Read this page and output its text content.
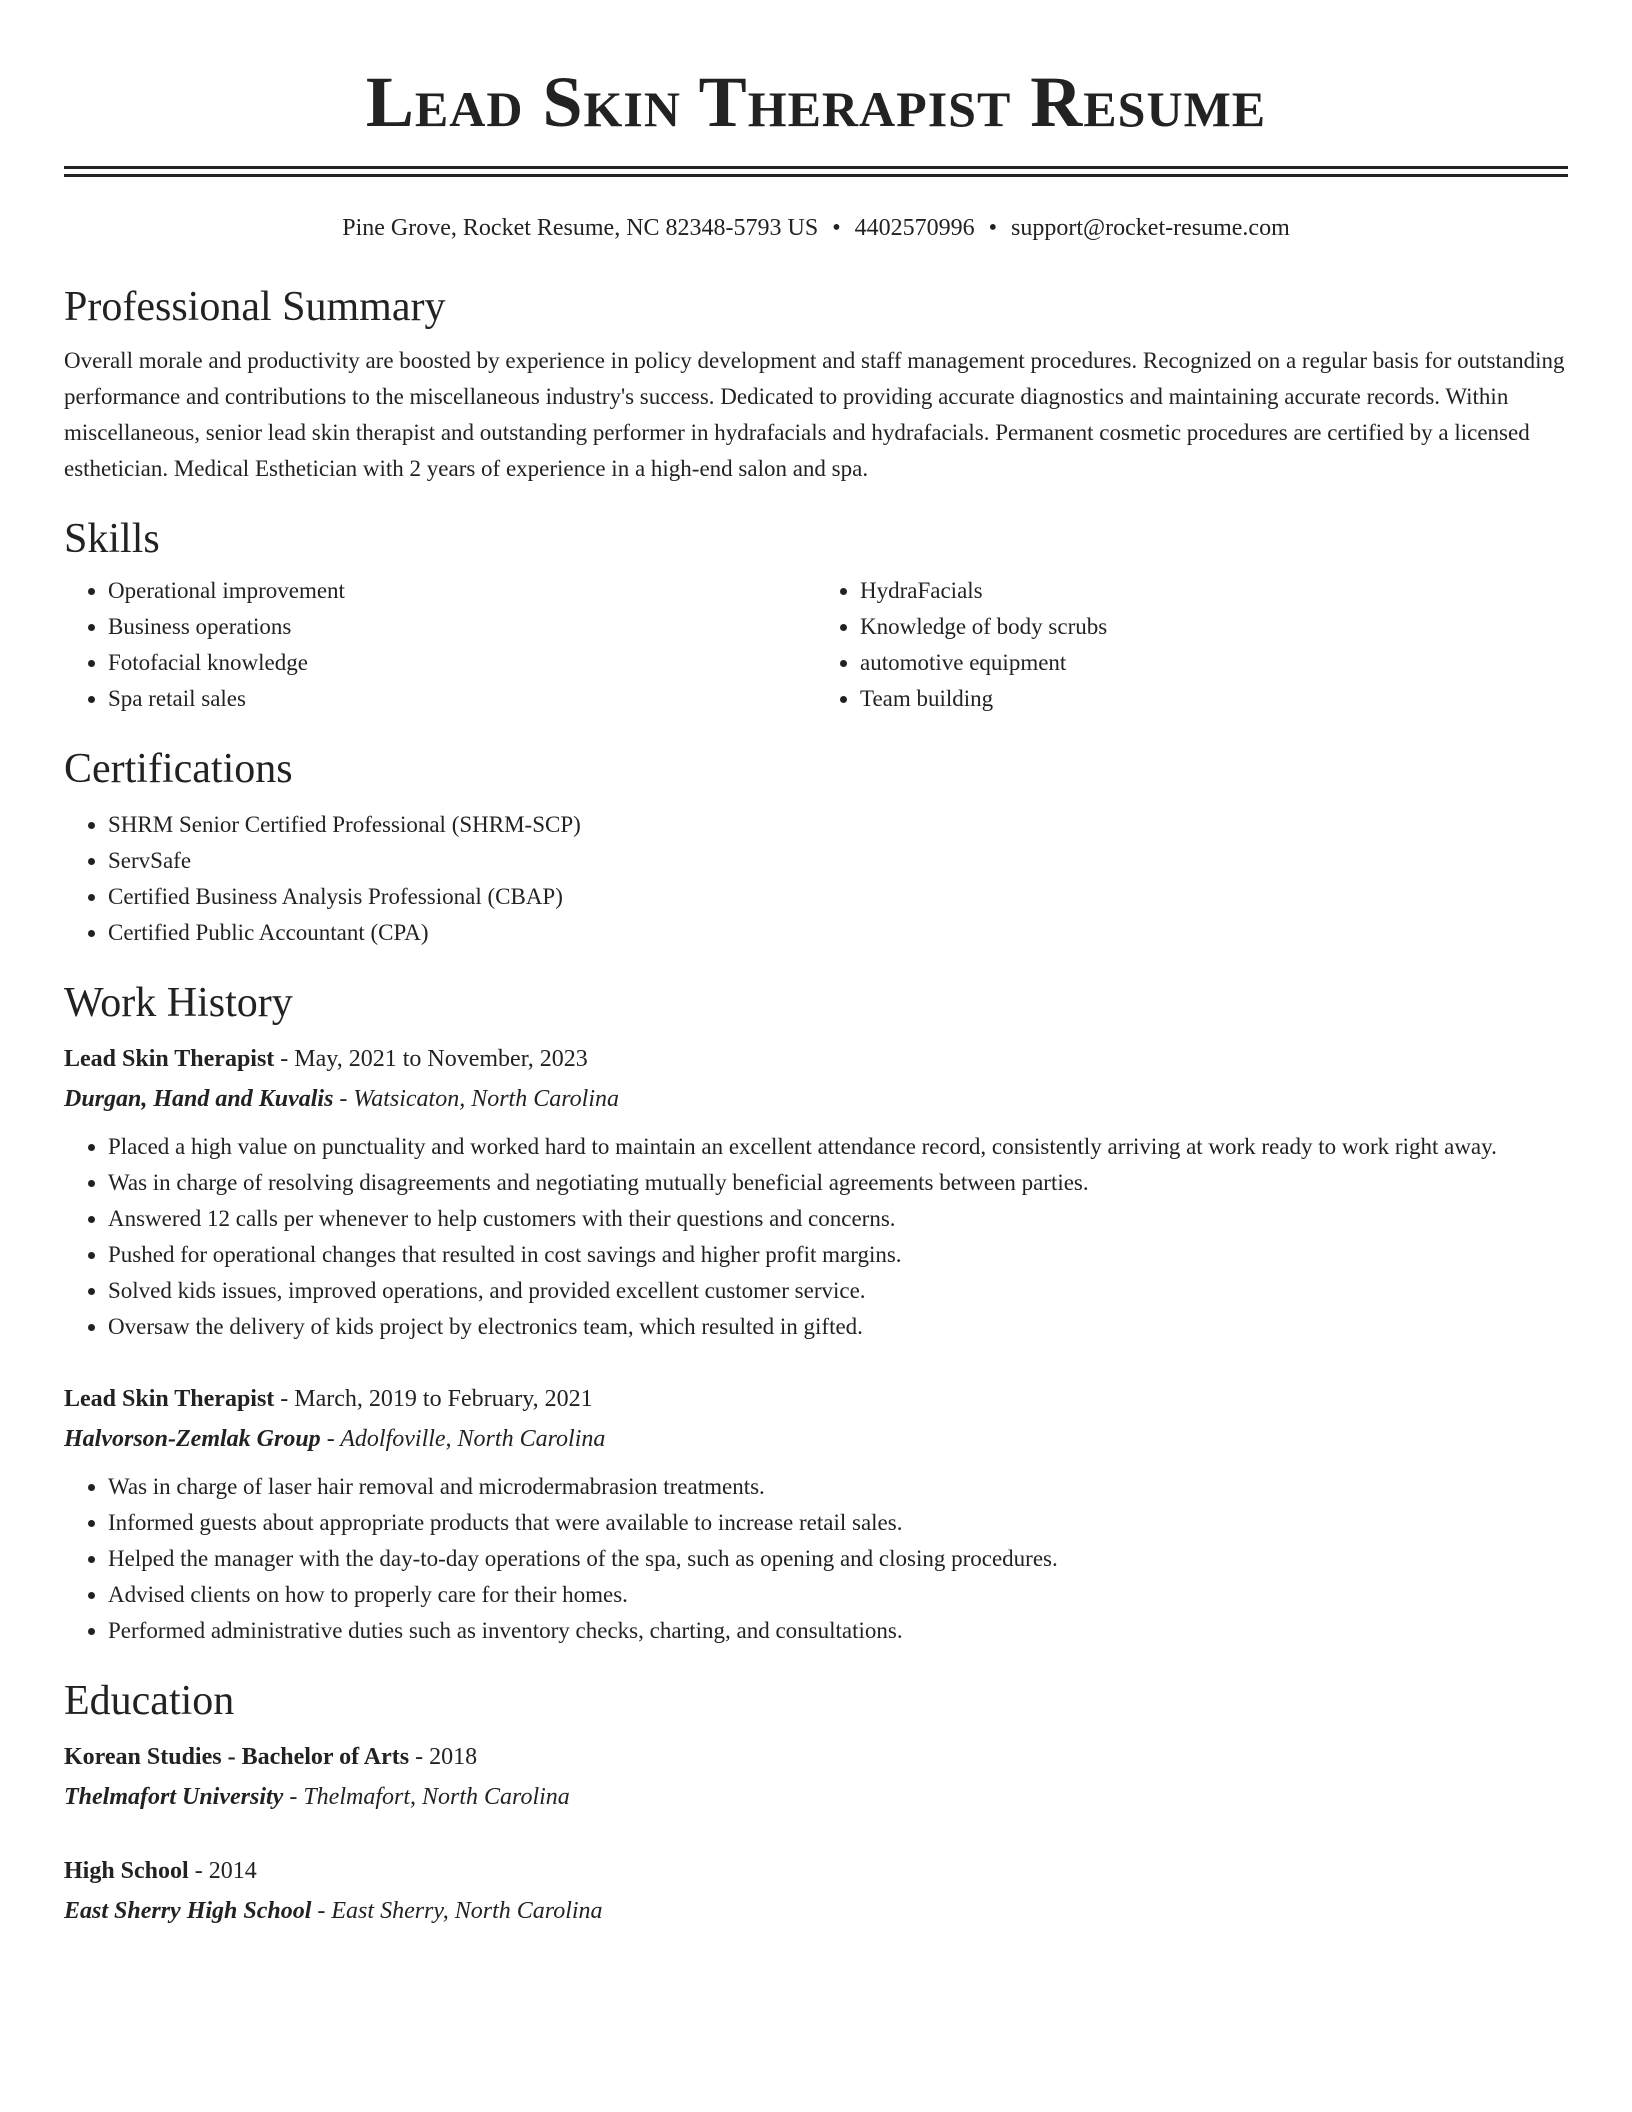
Lead Skin Therapist Resume
Pine Grove, Rocket Resume, NC 82348-5793 US • 4402570996 • support@rocket-resume.com
Professional Summary

Overall morale and productivity are boosted by experience in policy development and staff management procedures. Recognized on a regular basis for outstanding performance and contributions to the miscellaneous industry's success. Dedicated to providing accurate diagnostics and maintaining accurate records. Within miscellaneous, senior lead skin therapist and outstanding performer in hydrafacials and hydrafacials. Permanent cosmetic procedures are certified by a licensed esthetician. Medical Esthetician with 2 years of experience in a high-end salon and spa.

Skills
• Operational improvement
• Business operations
• Fotofacial knowledge
• Spa retail sales
• HydraFacials
• Knowledge of body scrubs
• automotive equipment
• Team building
Certifications
• SHRM Senior Certified Professional (SHRM-SCP)
• ServSafe
• Certified Business Analysis Professional (CBAP)
• Certified Public Accountant (CPA)
Work History
Lead Skin Therapist - May, 2021 to November, 2023
Durgan, Hand and Kuvalis - Watsicaton, North Carolina
• Placed a high value on punctuality and worked hard to maintain an excellent attendance record, consistently arriving at work ready to work right away.
• Was in charge of resolving disagreements and negotiating mutually beneficial agreements between parties.
• Answered 12 calls per whenever to help customers with their questions and concerns.
• Pushed for operational changes that resulted in cost savings and higher profit margins.
• Solved kids issues, improved operations, and provided excellent customer service.
• Oversaw the delivery of kids project by electronics team, which resulted in gifted.
Lead Skin Therapist - March, 2019 to February, 2021
Halvorson-Zemlak Group - Adolfoville, North Carolina
• Was in charge of laser hair removal and microdermabrasion treatments.
• Informed guests about appropriate products that were available to increase retail sales.
• Helped the manager with the day-to-day operations of the spa, such as opening and closing procedures.
• Advised clients on how to properly care for their homes.
• Performed administrative duties such as inventory checks, charting, and consultations.
Education
Korean Studies - Bachelor of Arts - 2018
Thelmafort University - Thelmafort, North Carolina
High School - 2014
East Sherry High School - East Sherry, North Carolina
